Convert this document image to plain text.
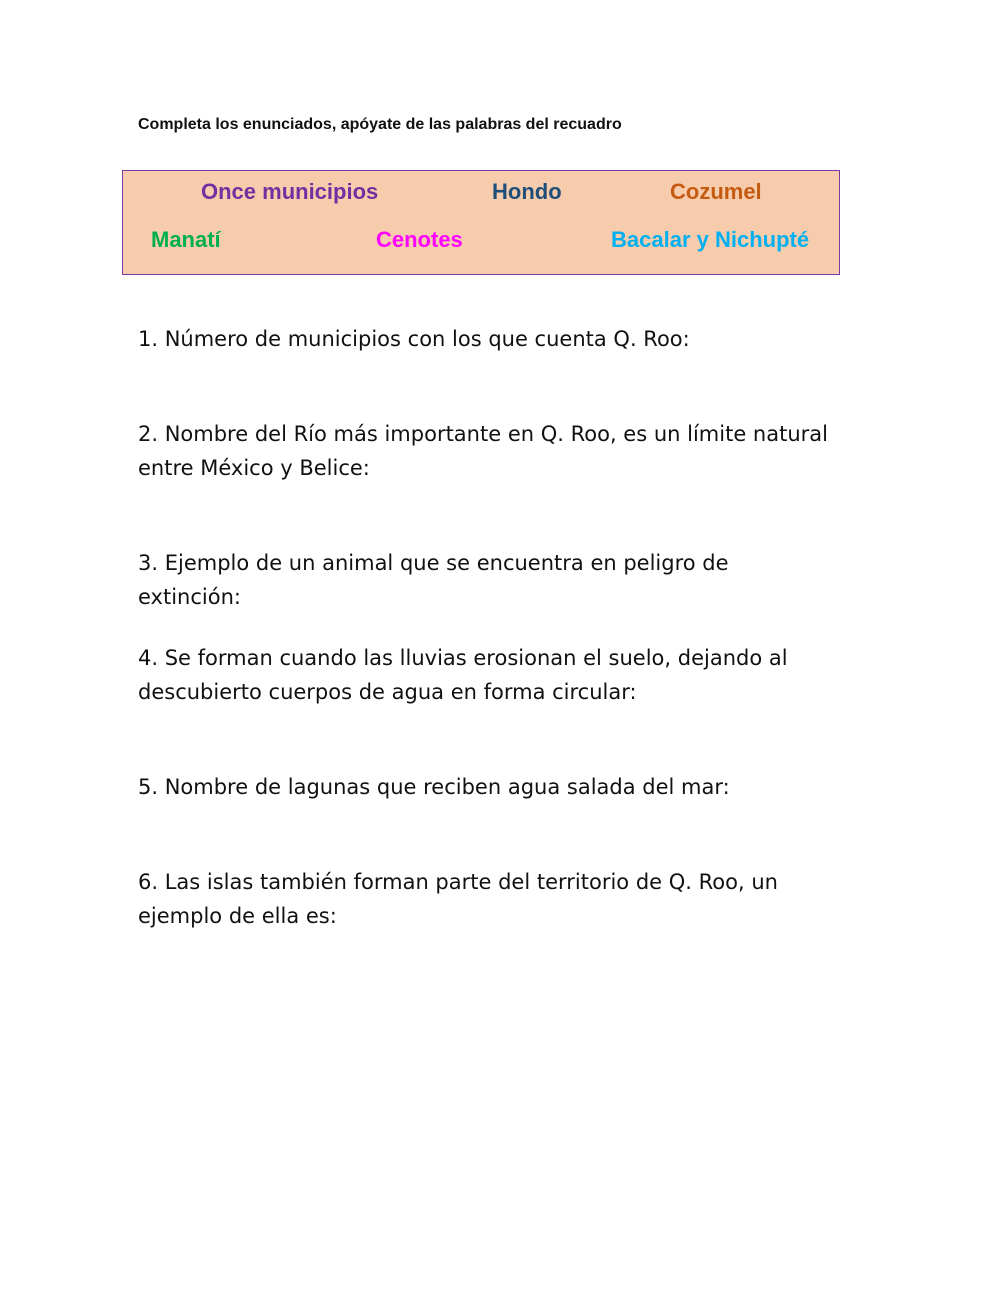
Completa los enunciados, apóyate de las palabras del recuadro
Once municipios	Hondo	Cozumel
Manatí	Cenotes	Bacalar y Nichupté
1. Número de municipios con los que cuenta Q. Roo:
2. Nombre del Río más importante en Q. Roo, es un límite natural entre México y Belice:
3. Ejemplo de un animal que se encuentra en peligro de extinción:
4. Se forman cuando las lluvias erosionan el suelo, dejando al descubierto cuerpos de agua en forma circular:
5. Nombre de lagunas que reciben agua salada del mar:
6. Las islas también forman parte del territorio de Q. Roo, un ejemplo de ella es:
